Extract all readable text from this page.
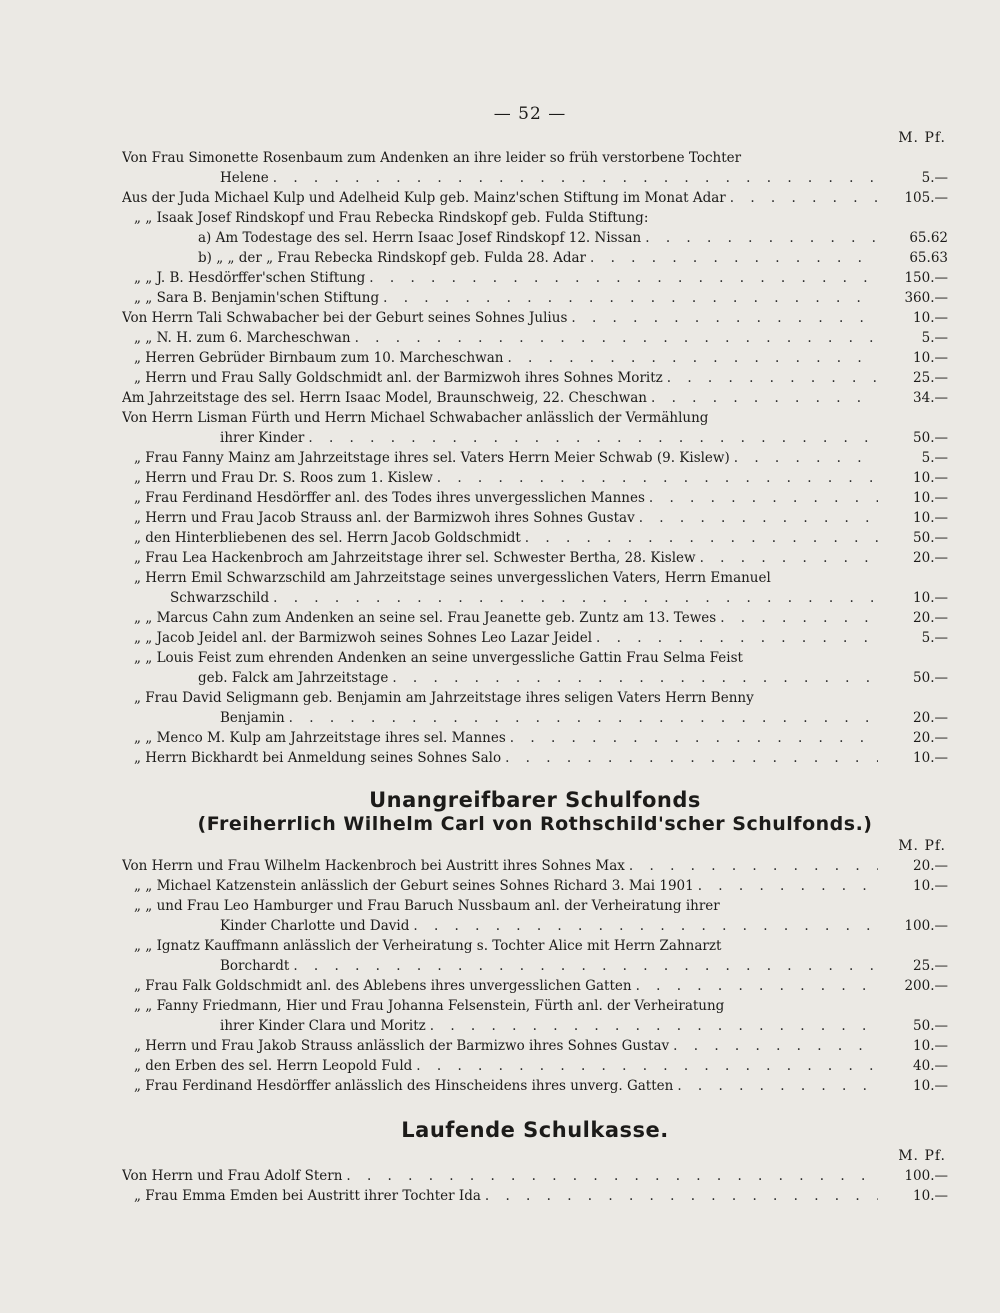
— 52 —
M. Pf.
Von Frau Simonette Rosenbaum zum Andenken an ihre leider so früh verstorbene Tochter
Helene . . .	5.—
Aus der Juda Michael Kulp und Adelheid Kulp geb. Mainz'schen Stiftung im Monat Adar . . .	105.—
„ „ Isaak Josef Rindskopf und Frau Rebecka Rindskopf geb. Fulda Stiftung:
a) Am Todestage des sel. Herrn Isaac Josef Rindskopf 12. Nissan . . .	65.62
b) „ „ der „ Frau Rebecka Rindskopf geb. Fulda 28. Adar . . .	65.63
„ „ J. B. Hesdörffer'schen Stiftung . . .	150.—
„ „ Sara B. Benjamin'schen Stiftung . . .	360.—
Von Herrn Tali Schwabacher bei der Geburt seines Sohnes Julius . . .	10.—
„ „ N. H. zum 6. Marcheschwan . . .	5.—
„ Herren Gebrüder Birnbaum zum 10. Marcheschwan . . .	10.—
„ Herrn und Frau Sally Goldschmidt anl. der Barmizwoh ihres Sohnes Moritz . . .	25.—
Am Jahrzeitstage des sel. Herrn Isaac Model, Braunschweig, 22. Cheschwan . . .	34.—
Von Herrn Lisman Fürth und Herrn Michael Schwabacher anlässlich der Vermählung
ihrer Kinder . . .	50.—
„ Frau Fanny Mainz am Jahrzeitstage ihres sel. Vaters Herrn Meier Schwab (9. Kislew) . . .	5.—
„ Herrn und Frau Dr. S. Roos zum 1. Kislew . . .	10.—
„ Frau Ferdinand Hesdörffer anl. des Todes ihres unvergesslichen Mannes . . .	10.—
„ Herrn und Frau Jacob Strauss anl. der Barmizwoh ihres Sohnes Gustav . . .	10.—
„ den Hinterbliebenen des sel. Herrn Jacob Goldschmidt . . .	50.—
„ Frau Lea Hackenbroch am Jahrzeitstage ihrer sel. Schwester Bertha, 28. Kislew . . .	20.—
„ Herrn Emil Schwarzschild am Jahrzeitstage seines unvergesslichen Vaters, Herrn Emanuel
Schwarzschild . . .	10.—
„ „ Marcus Cahn zum Andenken an seine sel. Frau Jeanette geb. Zuntz am 13. Tewes . . .	20.—
„ „ Jacob Jeidel anl. der Barmizwoh seines Sohnes Leo Lazar Jeidel . . .	5.—
„ „ Louis Feist zum ehrenden Andenken an seine unvergessliche Gattin Frau Selma Feist
geb. Falck am Jahrzeitstage . . .	50.—
„ Frau David Seligmann geb. Benjamin am Jahrzeitstage ihres seligen Vaters Herrn Benny
Benjamin . . .	20.—
„ „ Menco M. Kulp am Jahrzeitstage ihres sel. Mannes . . .	20.—
„ Herrn Bickhardt bei Anmeldung seines Sohnes Salo . . .	10.—
Unangreifbarer Schulfonds
(Freiherrlich Wilhelm Carl von Rothschild'scher Schulfonds.)
M. Pf.
Von Herrn und Frau Wilhelm Hackenbroch bei Austritt ihres Sohnes Max . . .	20.—
„ „ Michael Katzenstein anlässlich der Geburt seines Sohnes Richard 3. Mai 1901 . . .	10.—
„ „ und Frau Leo Hamburger und Frau Baruch Nussbaum anl. der Verheiratung ihrer
Kinder Charlotte und David . . .	100.—
„ „ Ignatz Kauffmann anlässlich der Verheiratung s. Tochter Alice mit Herrn Zahnarzt
Borchardt . . .	25.—
„ Frau Falk Goldschmidt anl. des Ablebens ihres unvergesslichen Gatten . . .	200.—
„ „ Fanny Friedmann, Hier und Frau Johanna Felsenstein, Fürth anl. der Verheiratung
ihrer Kinder Clara und Moritz . . .	50.—
„ Herrn und Frau Jakob Strauss anlässlich der Barmizwo ihres Sohnes Gustav . . .	10.—
„ den Erben des sel. Herrn Leopold Fuld . . .	40.—
„ Frau Ferdinand Hesdörffer anlässlich des Hinscheidens ihres unverg. Gatten . . .	10.—
Laufende Schulkasse.
M. Pf.
Von Herrn und Frau Adolf Stern . . .	100.—
„ Frau Emma Emden bei Austritt ihrer Tochter Ida . . .	10.—
